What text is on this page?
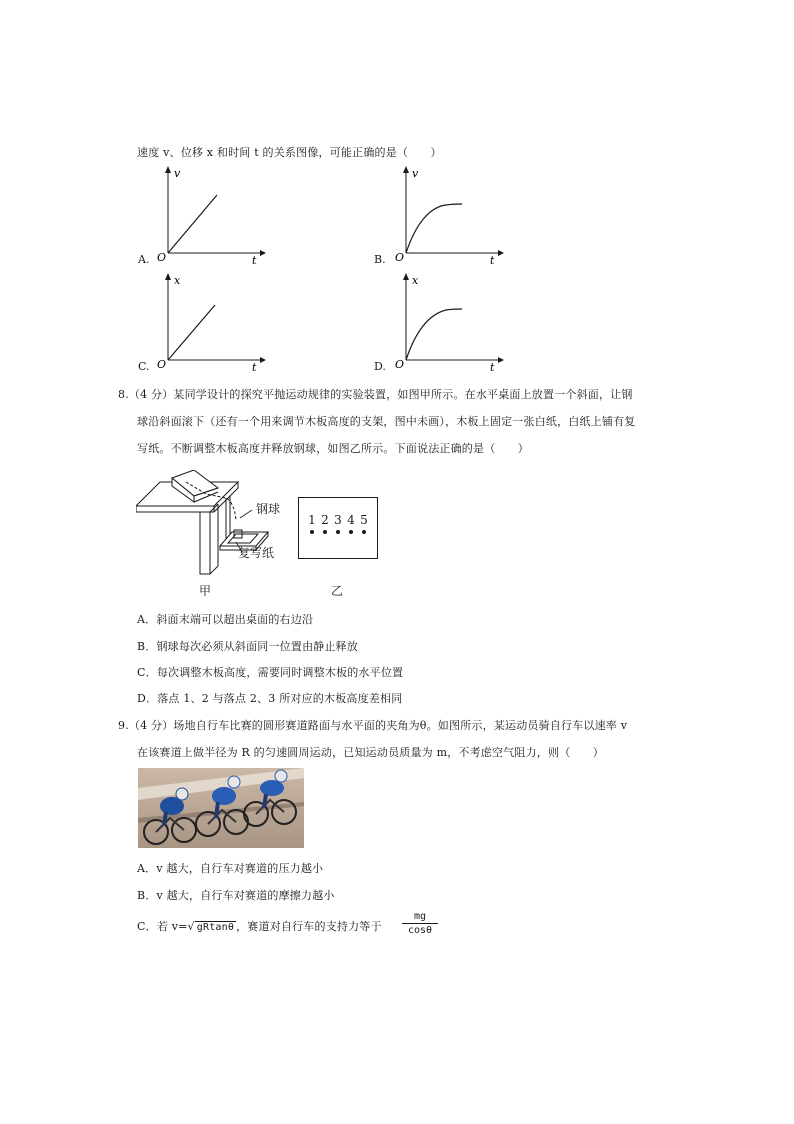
速度 v、位移 x 和时间 t 的关系图像，可能正确的是（　　）
A.
v
O	t	B.
v
O	t
C.
x
O	t	D.
x
O	t
8.（4 分）某同学设计的探究平抛运动规律的实验装置，如图甲所示。在水平桌面上放置一个斜面，让钢
球沿斜面滚下（还有一个用来调节木板高度的支架，图中未画），木板上固定一张白纸，白纸上铺有复
写纸。不断调整木板高度并释放钢球，如图乙所示。下面说法正确的是（　　）
钢球
复写纸
甲
1 2 3 4 5
乙
A．斜面末端可以超出桌面的右边沿
B．钢球每次必须从斜面同一位置由静止释放
C．每次调整木板高度，需要同时调整木板的水平位置
D．落点 1、2 与落点 2、3 所对应的木板高度差相同
9.（4 分）场地自行车比赛的圆形赛道路面与水平面的夹角为θ。如图所示，某运动员骑自行车以速率 v
在该赛道上做半径为 R 的匀速圆周运动，已知运动员质量为 m，不考虑空气阻力，则（　　）
A．v 越大，自行车对赛道的压力越小
B．v 越大，自行车对赛道的摩擦力越小
C．若 v=√ gRtanθ ，赛道对自行车的支持力等于 $\frac{mg}{\cos\theta}$
